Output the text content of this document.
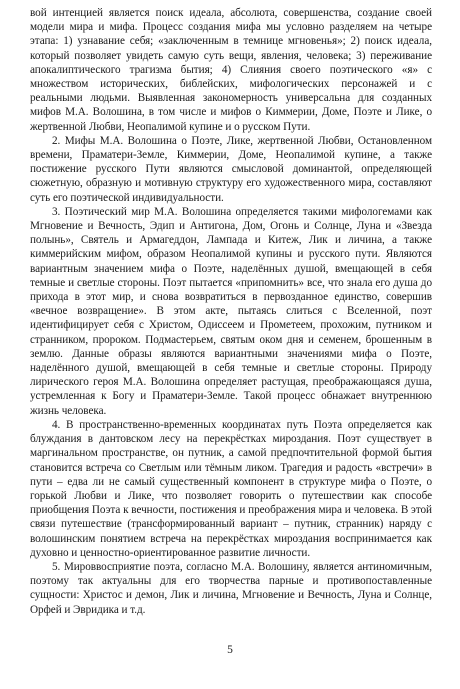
вой интенцией является поиск идеала, абсолюта, совершенства, создание своей модели мира и мифа. Процесс создания мифа мы условно разделяем на четыре этапа: 1) узнавание себя; «заключенным в темнице мгновенья»; 2) поиск идеала, который позволяет увидеть самую суть вещи, явления, человека; 3) переживание апокалиптического трагизма бытия; 4) Слияния своего поэтического «я» с множеством исторических, библейских, мифологических персонажей и с реальными людьми. Выявленная закономерность универсальна для созданных мифов М.А. Волошина, в том числе и мифов о Киммерии, Доме, Поэте и Лике, о жертвенной Любви, Неопалимой купине и о русском Пути.

2. Мифы М.А. Волошина о Поэте, Лике, жертвенной Любви, Остановленном времени, Праматери-Земле, Киммерии, Доме, Неопалимой купине, а также постижение русского Пути являются смысловой доминантой, определяющей сюжетную, образную и мотивную структуру его художественного мира, составляют суть его поэтической индивидуальности.

3. Поэтический мир М.А. Волошина определяется такими мифологемами как Мгновение и Вечность, Эдип и Антигона, Дом, Огонь и Солнце, Луна и «Звезда полынь», Святель и Армагеддон, Лампада и Китеж, Лик и личина, а также киммерийским мифом, образом Неопалимой купины и русского пути. Являются вариантным значением мифа о Поэте, наделённых душой, вмещающей в себя темные и светлые стороны. Поэт пытается «припомнить» все, что знала его душа до прихода в этот мир, и снова возвратиться в первозданное единство, совершив «вечное возвращение». В этом акте, пытаясь слиться с Вселенной, поэт идентифицирует себя с Христом, Одиссеем и Прометеем, прохожим, путником и странником, пророком. Подмастерьем, святым оком дня и семенем, брошенным в землю. Данные образы являются вариантными значениями мифа о Поэте, наделённого душой, вмещающей в себя темные и светлые стороны. Природу лирического героя М.А. Волошина определяет растущая, преображающаяся душа, устремленная к Богу и Праматери-Земле. Такой процесс обнажает внутреннюю жизнь человека.

4. В пространственно-временных координатах путь Поэта определяется как блуждания в дантовском лесу на перекрёстках мироздания. Поэт существует в маргинальном пространстве, он путник, а самой предпочтительной формой бытия становится встреча со Светлым или тёмным ликом. Трагедия и радость «встречи» в пути – едва ли не самый существенный компонент в структуре мифа о Поэте, о горькой Любви и Лике, что позволяет говорить о путешествии как способе приобщения Поэта к вечности, постижения и преображения мира и человека. В этой связи путешествие (трансформированный вариант – путник, странник) наряду с волошинским понятием встреча на перекрёстках мироздания воспринимается как духовно и ценностно-ориентированное развитие личности.

5. Мироввосприятие поэта, согласно М.А. Волошину, является антиномичным, поэтому так актуальны для его творчества парные и противопоставленные сущности: Христос и демон, Лик и личина, Мгновение и Вечность, Луна и Солнце, Орфей и Эвридика и т.д.

5
